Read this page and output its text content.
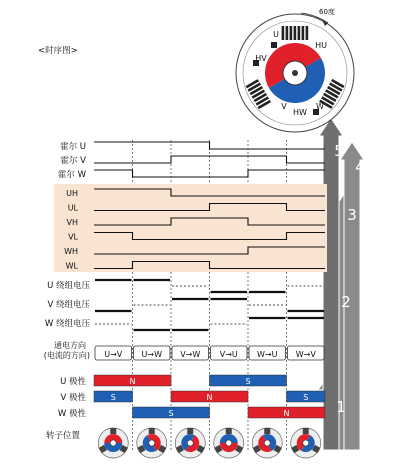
<时序图>
1
2
3
4
5
60度
U
HU
HV
W
V
HW
霍尔 U
霍尔 V
霍尔 W
UH
UL
VH
VL
WH
WL
U 绕组电压
V 绕组电压
W 绕组电压
通电方向
(电流的方向) U→V U→W V→W V→U W→U W→V
U 极性	N	S
V 极性	S	N	S
W 极性	S	N
转子位置
